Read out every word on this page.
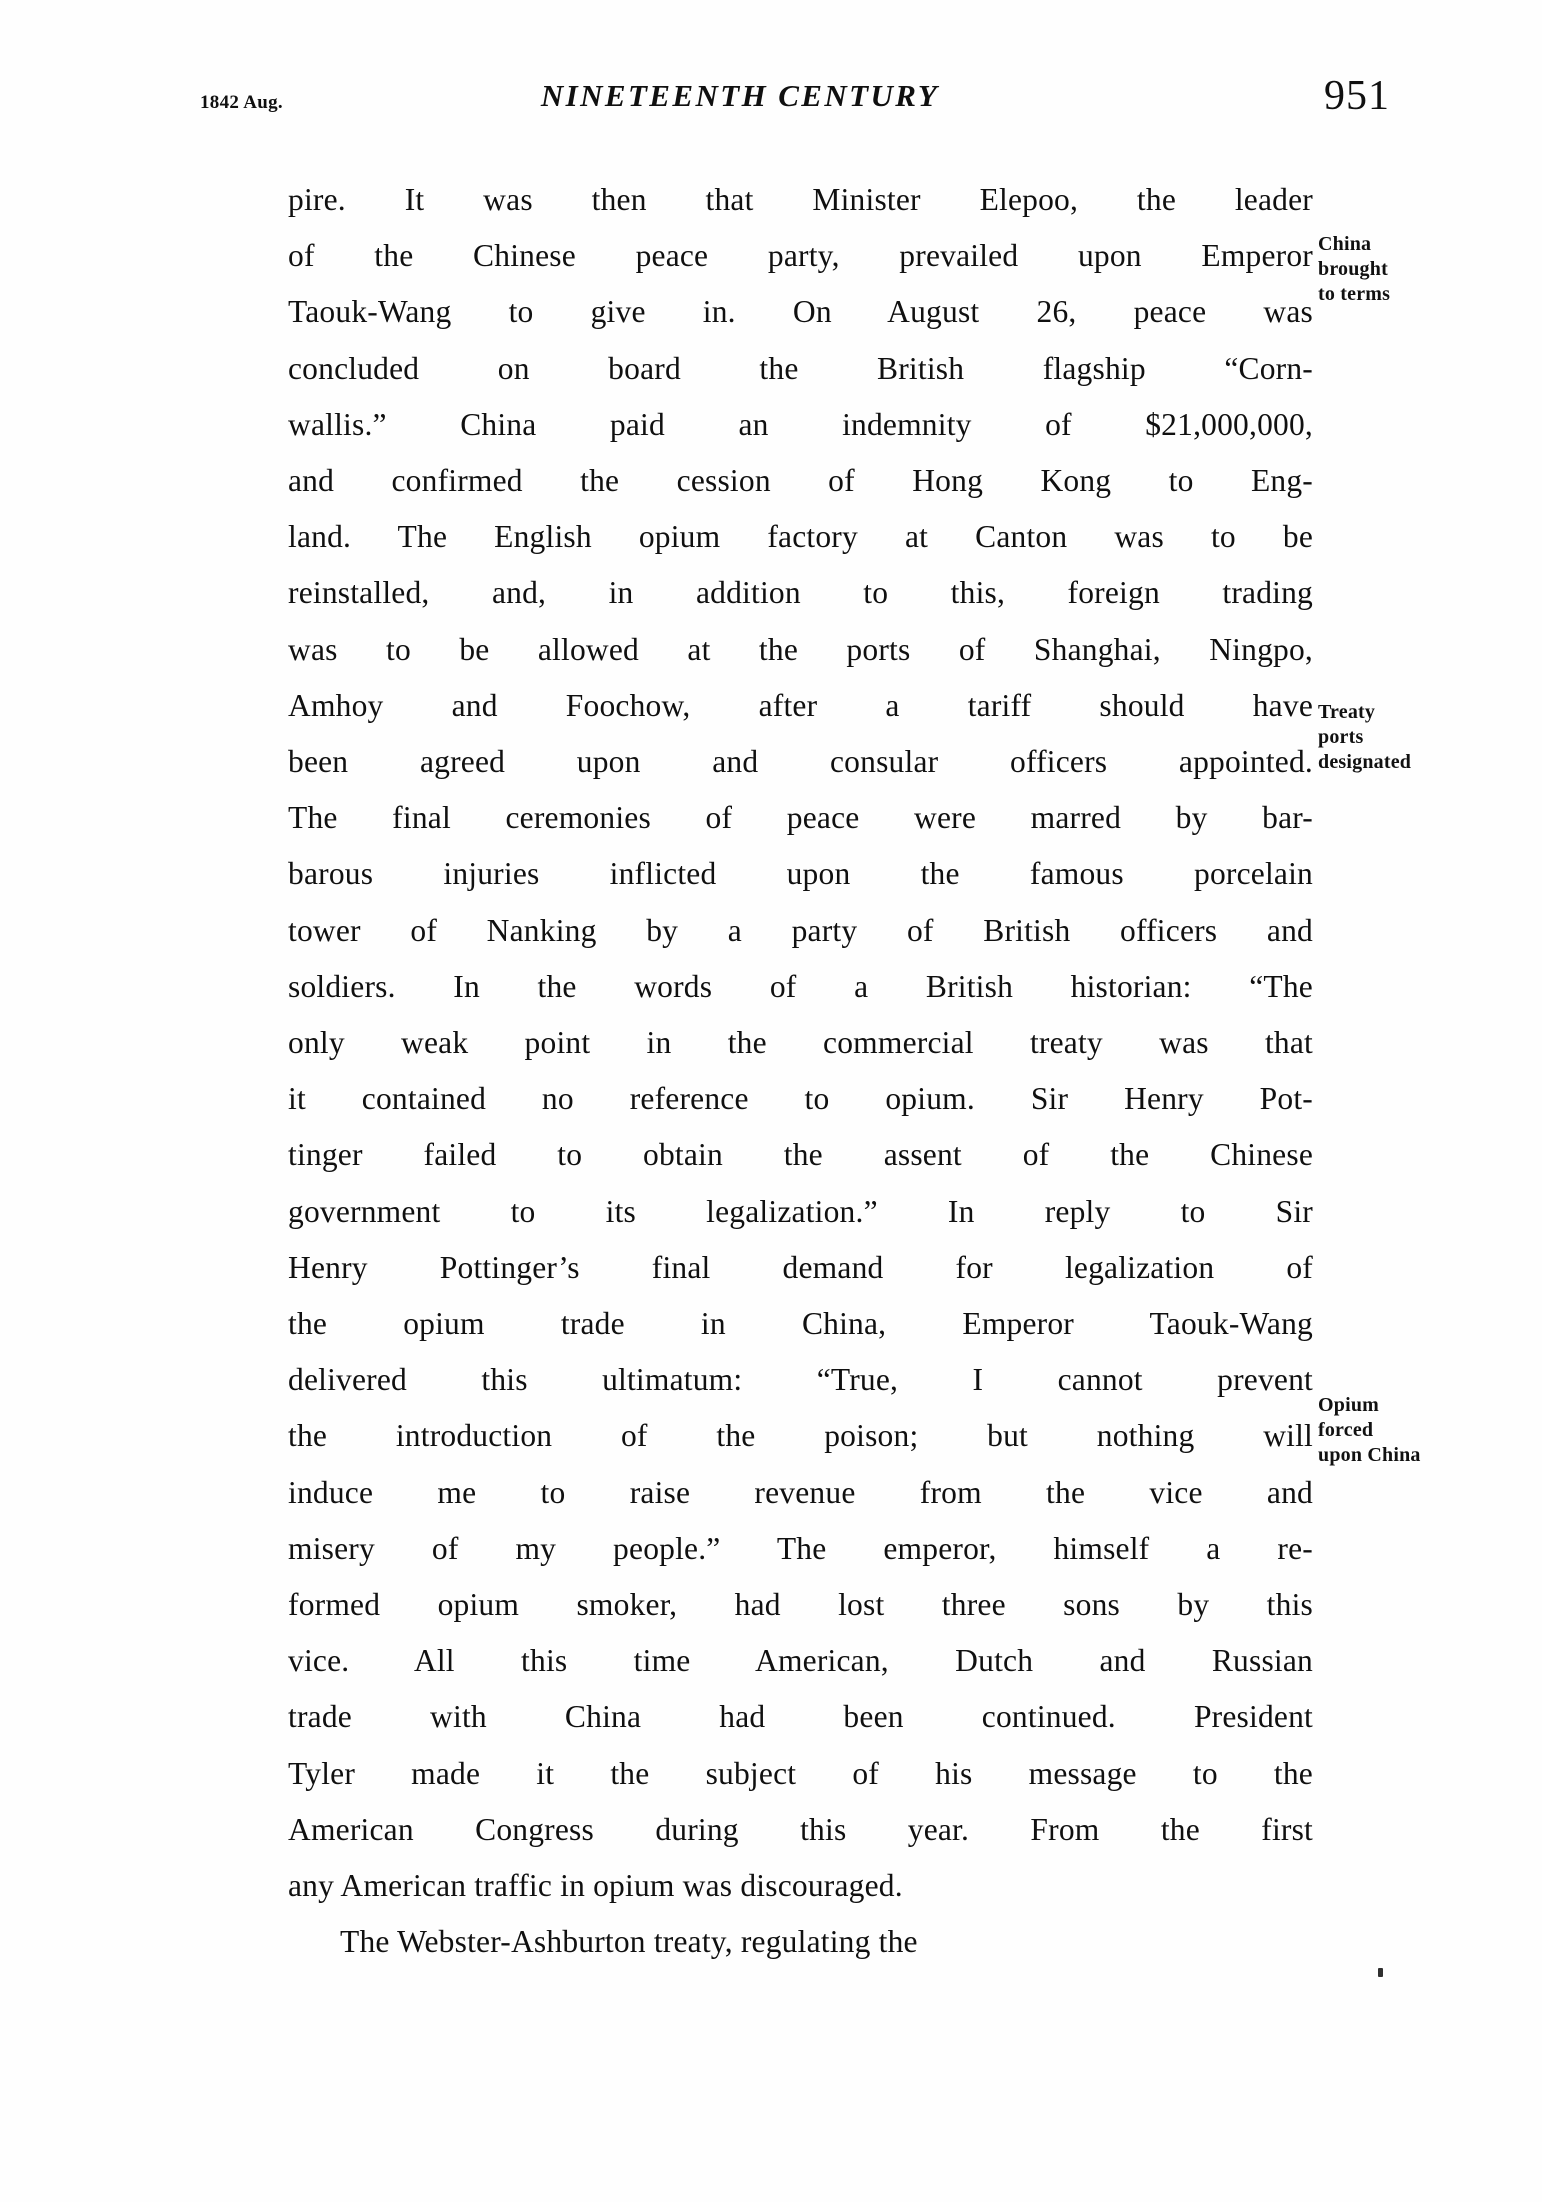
1842 Aug.	NINETEENTH CENTURY	951

pire. It was then that Minister Elepoo, the leader
of the Chinese peace party, prevailed upon Emperor
Taouk-Wang to give in. On August 26, peace was
concluded on board the British flagship “Corn-
wallis.” China paid an indemnity of $21,000,000,
and confirmed the cession of Hong Kong to Eng-
land. The English opium factory at Canton was to be
reinstalled, and, in addition to this, foreign trading
was to be allowed at the ports of Shanghai, Ningpo,
Amhoy and Foochow, after a tariff should have
been agreed upon and consular officers appointed.
The final ceremonies of peace were marred by bar-
barous injuries inflicted upon the famous porcelain
tower of Nanking by a party of British officers and
soldiers. In the words of a British historian: “The
only weak point in the commercial treaty was that
it contained no reference to opium. Sir Henry Pot-
tinger failed to obtain the assent of the Chinese
government to its legalization.” In reply to Sir
Henry Pottinger’s final demand for legalization of
the opium trade in China, Emperor Taouk-Wang
delivered this ultimatum: “True, I cannot prevent
the introduction of the poison; but nothing will
induce me to raise revenue from the vice and
misery of my people.” The emperor, himself a re-
formed opium smoker, had lost three sons by this
vice. All this time American, Dutch and Russian
trade with China had been continued. President
Tyler made it the subject of his message to the
American Congress during this year. From the first
any American traffic in opium was discouraged.

The Webster-Ashburton treaty, regulating the

China
brought
to terms
Treaty
ports
designated
Opium
forced
upon China
